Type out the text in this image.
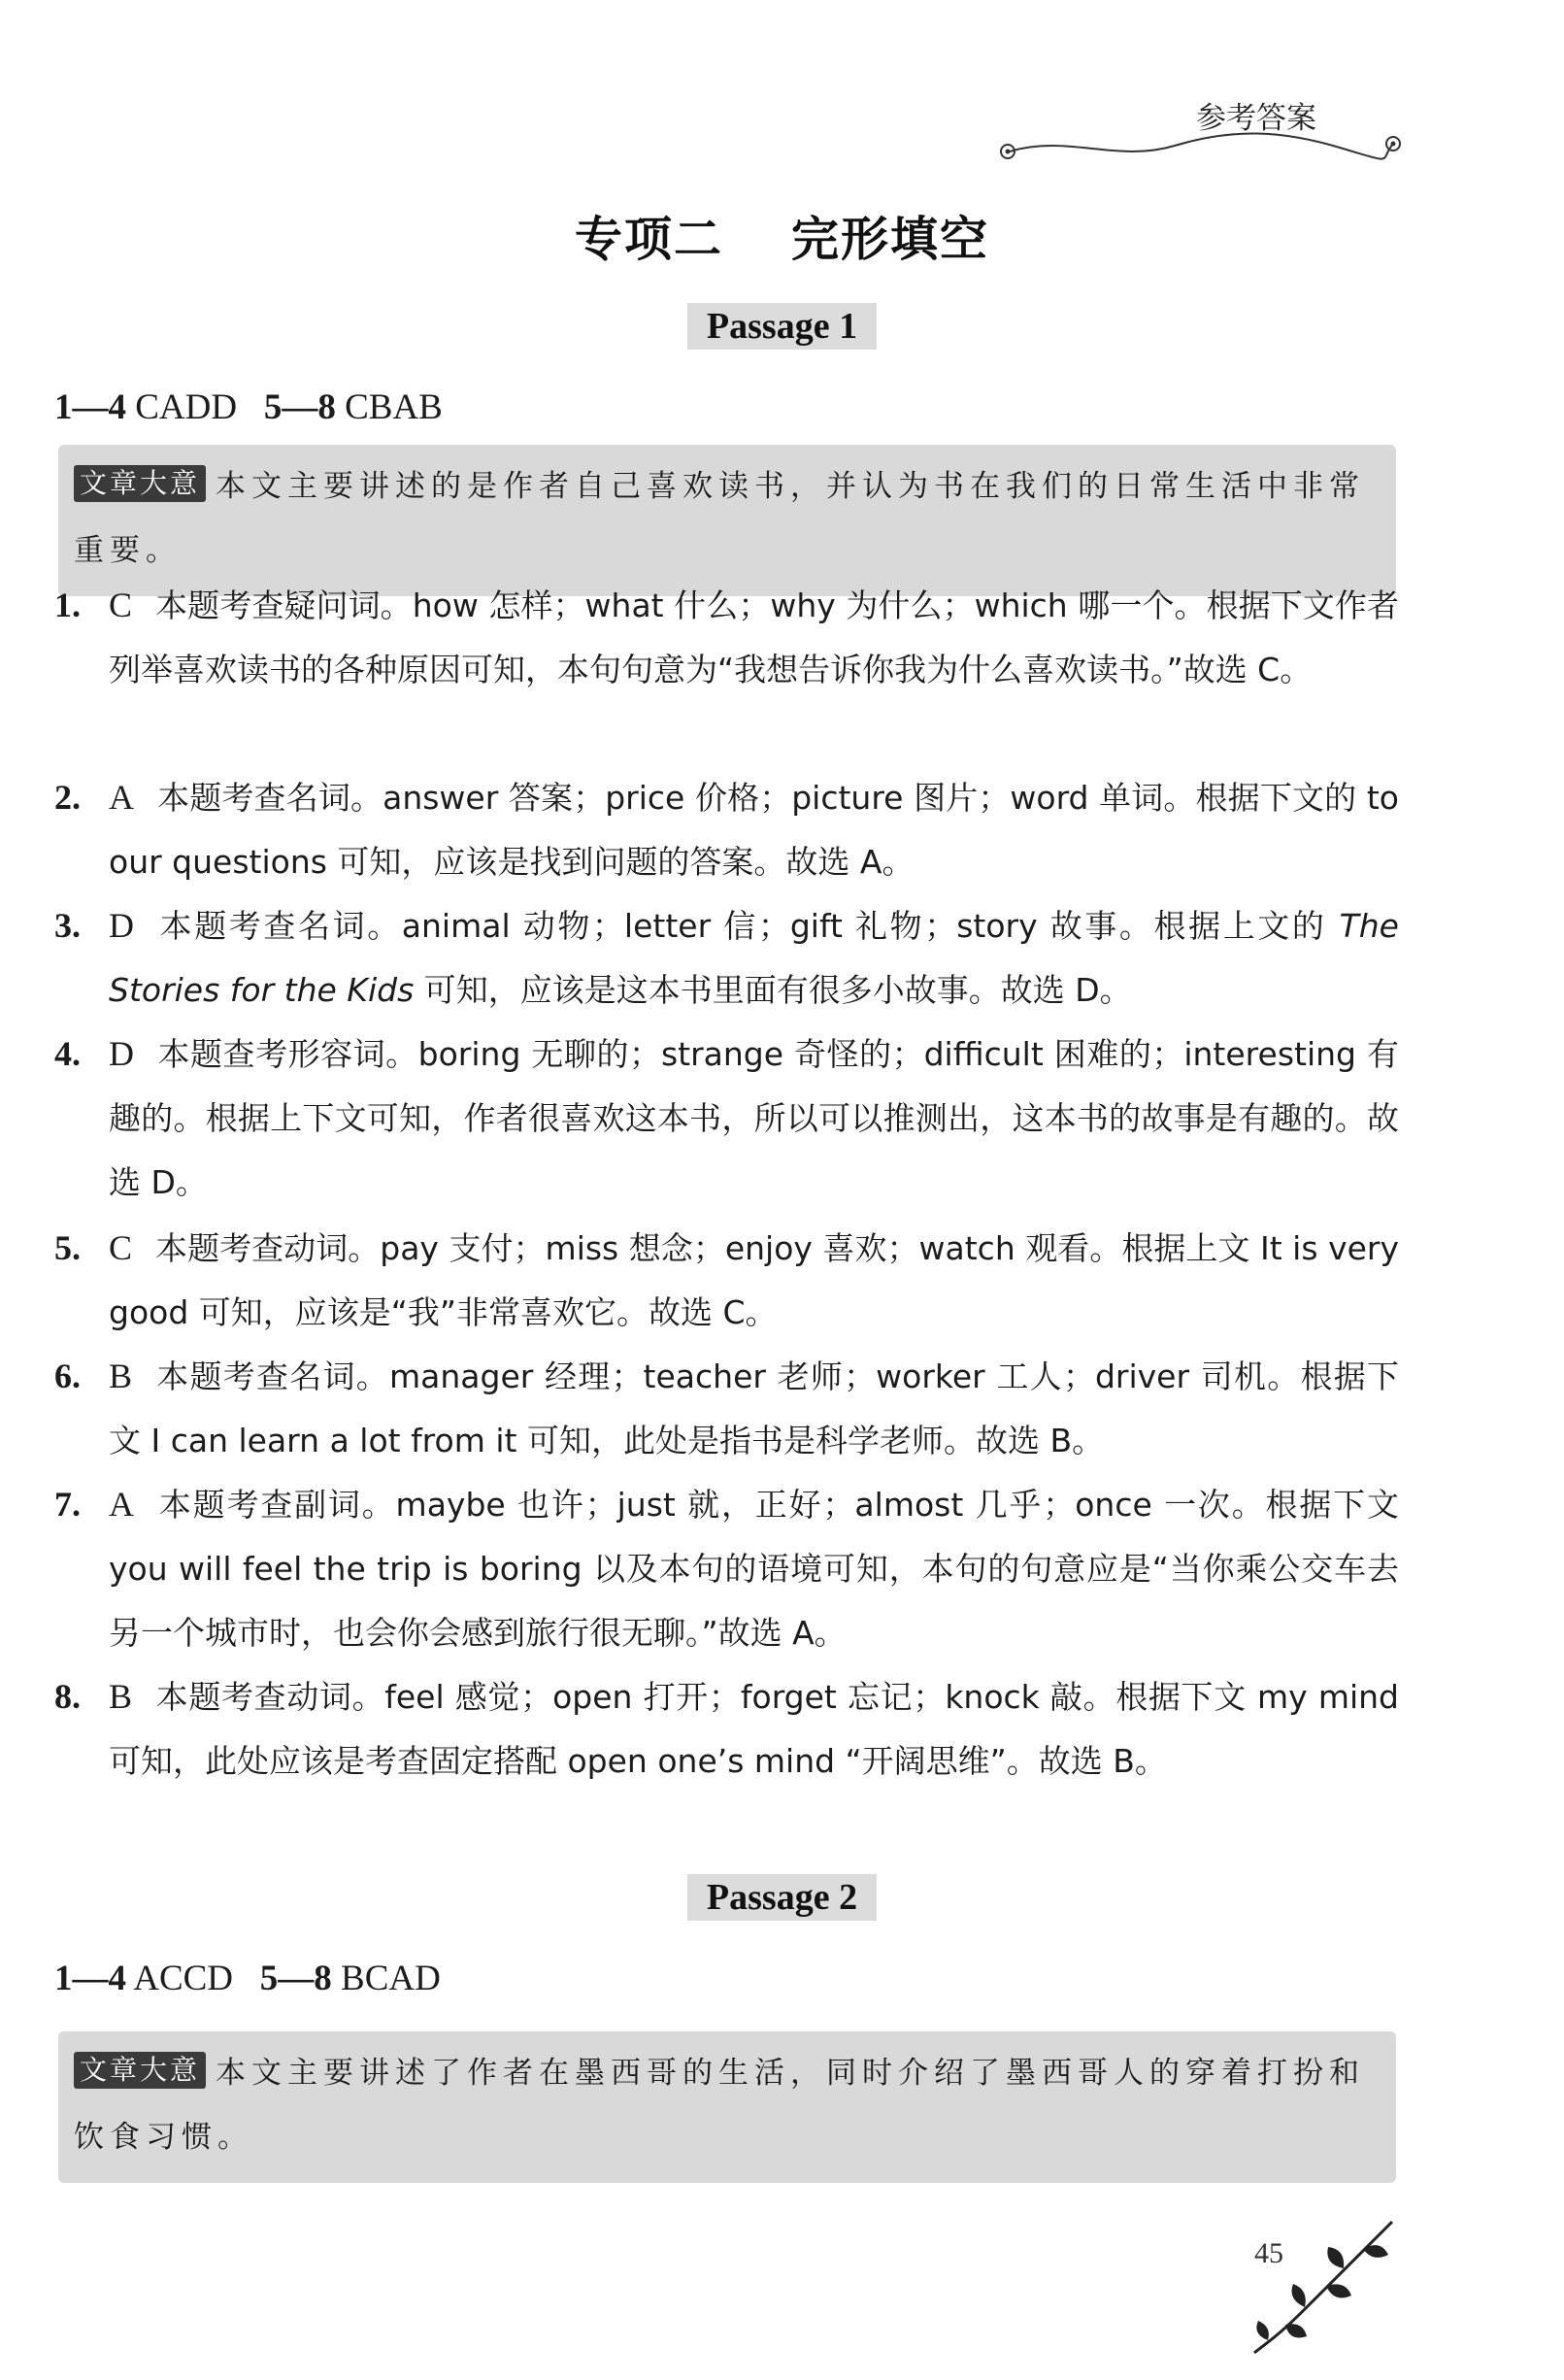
参考答案
专项二 完形填空
Passage 1
1—4 CADD 5—8 CBAB
文章大意 本文主要讲述的是作者自己喜欢读书，并认为书在我们的日常生活中非常重要。
1. C 本题考查疑问词。how 怎样；what 什么；why 为什么；which 哪一个。根据下文作者列举喜欢读书的各种原因可知，本句句意为“我想告诉你我为什么喜欢读书。”故选 C。
2. A 本题考查名词。answer 答案；price 价格；picture 图片；word 单词。根据下文的 to our questions 可知，应该是找到问题的答案。故选 A。
3. D 本题考查名词。animal 动物；letter 信；gift 礼物；story 故事。根据上文的 The Stories for the Kids 可知，应该是这本书里面有很多小故事。故选 D。
4. D 本题查考形容词。boring 无聊的；strange 奇怪的；difficult 困难的；interesting 有趣的。根据上下文可知，作者很喜欢这本书，所以可以推测出，这本书的故事是有趣的。故选 D。
5. C 本题考查动词。pay 支付；miss 想念；enjoy 喜欢；watch 观看。根据上文 It is very good 可知，应该是“我”非常喜欢它。故选 C。
6. B 本题考查名词。manager 经理；teacher 老师；worker 工人；driver 司机。根据下文 I can learn a lot from it 可知，此处是指书是科学老师。故选 B。
7. A 本题考查副词。maybe 也许；just 就，正好；almost 几乎；once 一次。根据下文 you will feel the trip is boring 以及本句的语境可知，本句的句意应是“当你乘公交车去另一个城市时，也会你会感到旅行很无聊。”故选 A。
8. B 本题考查动词。feel 感觉；open 打开；forget 忘记；knock 敲。根据下文 my mind 可知，此处应该是考查固定搭配 open one’s mind “开阔思维”。故选 B。
Passage 2
1—4 ACCD 5—8 BCAD
文章大意 本文主要讲述了作者在墨西哥的生活，同时介绍了墨西哥人的穿着打扮和饮食习惯。
45
